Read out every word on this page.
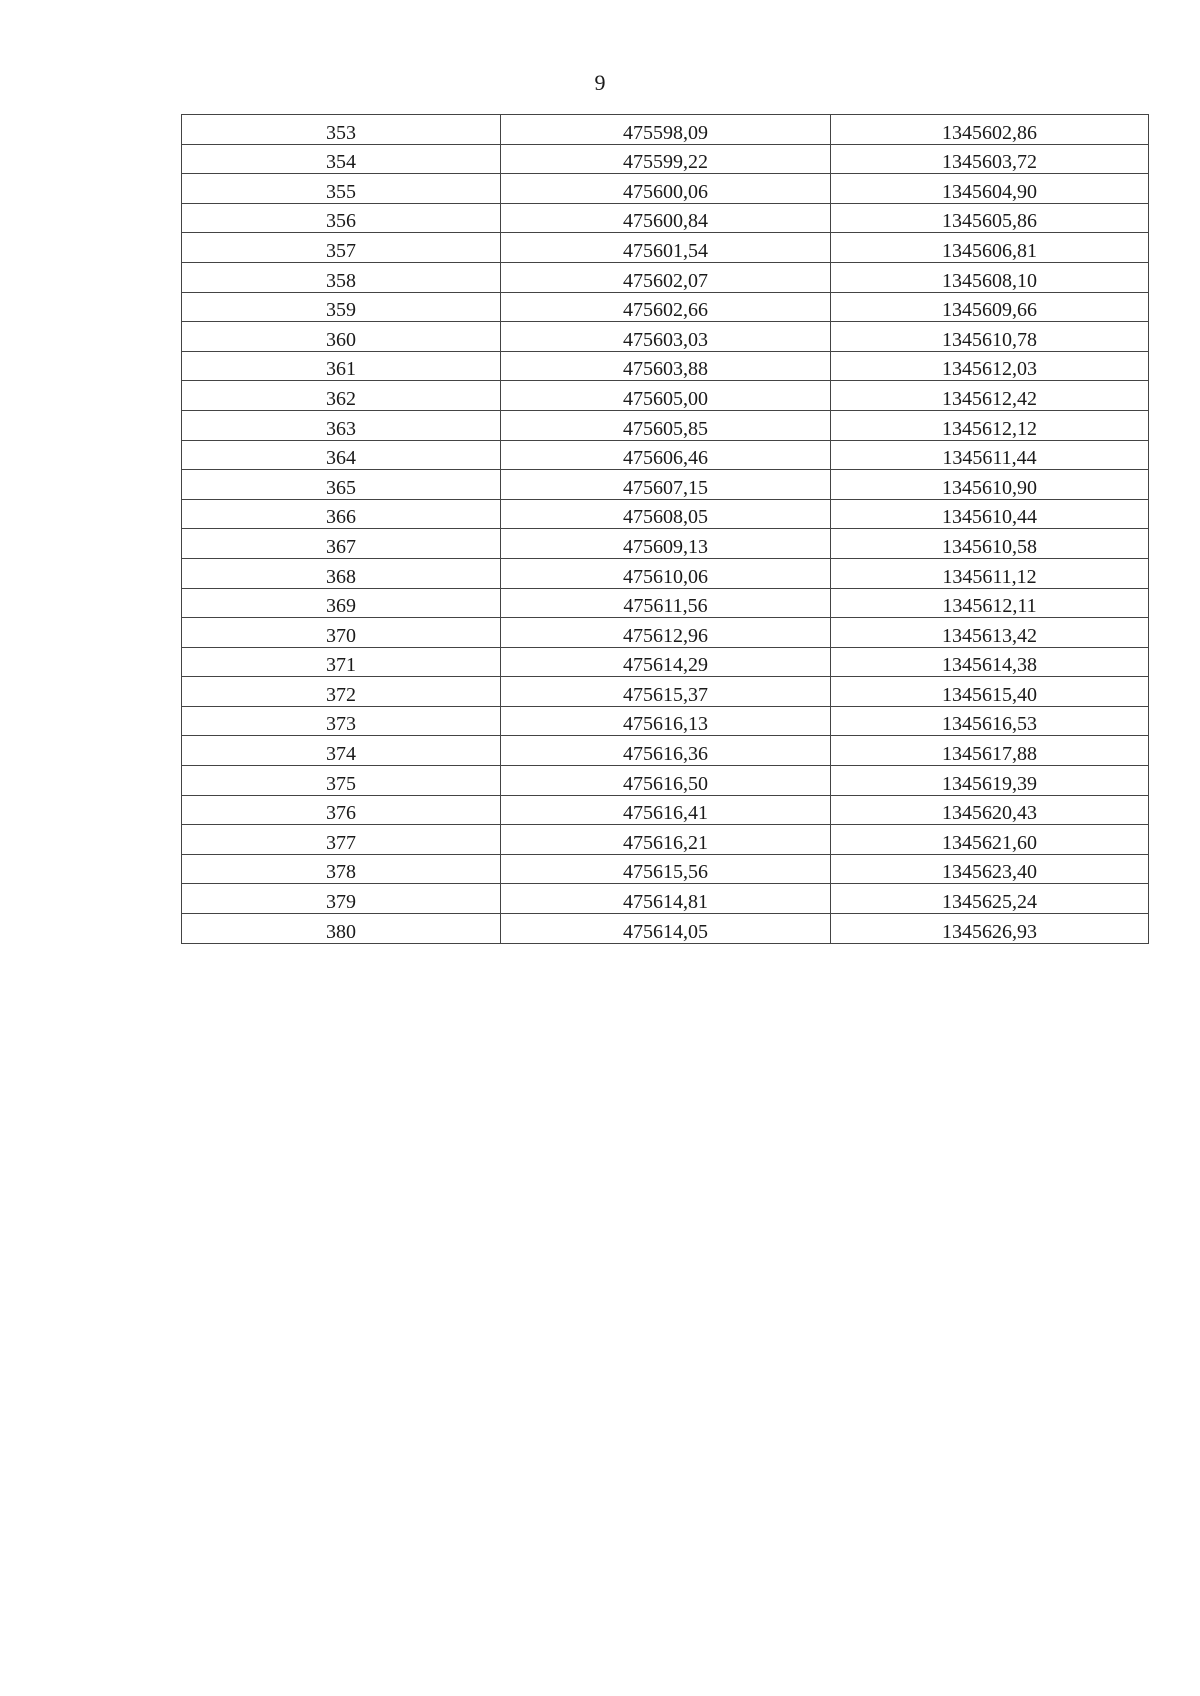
9
353	475598,09	1345602,86
354	475599,22	1345603,72
355	475600,06	1345604,90
356	475600,84	1345605,86
357	475601,54	1345606,81
358	475602,07	1345608,10
359	475602,66	1345609,66
360	475603,03	1345610,78
361	475603,88	1345612,03
362	475605,00	1345612,42
363	475605,85	1345612,12
364	475606,46	1345611,44
365	475607,15	1345610,90
366	475608,05	1345610,44
367	475609,13	1345610,58
368	475610,06	1345611,12
369	475611,56	1345612,11
370	475612,96	1345613,42
371	475614,29	1345614,38
372	475615,37	1345615,40
373	475616,13	1345616,53
374	475616,36	1345617,88
375	475616,50	1345619,39
376	475616,41	1345620,43
377	475616,21	1345621,60
378	475615,56	1345623,40
379	475614,81	1345625,24
380	475614,05	1345626,93
